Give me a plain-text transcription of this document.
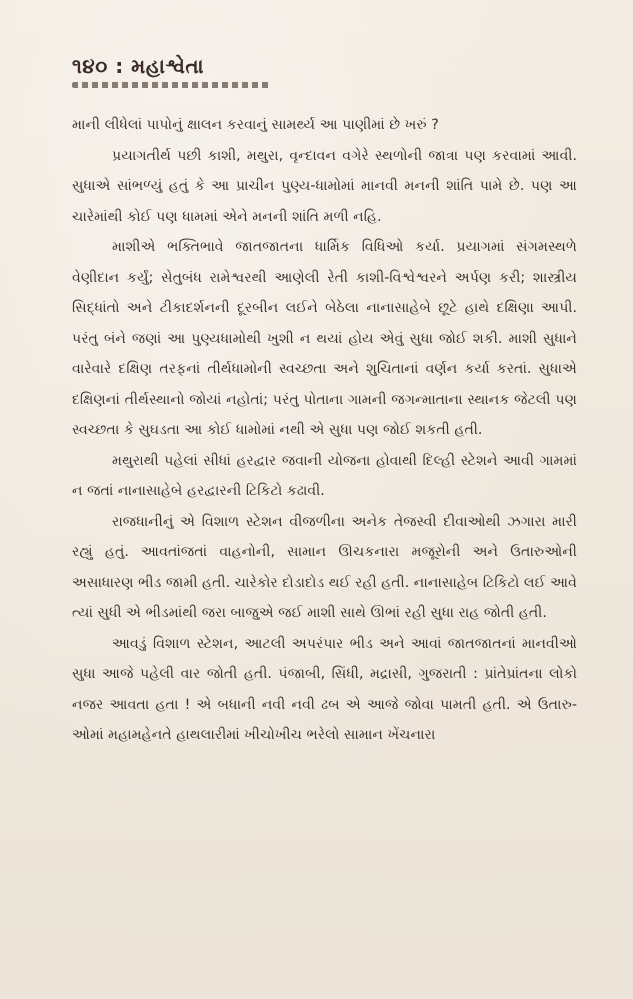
૧૪૦ : મહાશ્વેતા

માની લીધેલાં પાપોનું ક્ષાલન કરવાનું સામર્થ્ય આ પાણીમાં છે ખરું ?

પ્રયાગતીર્થ પછી કાશી, મથુરા, વૃન્દાવન વગેરે સ્થળોની જાત્રા પણ કરવામાં આવી. સુધાએ સાંભળ્યું હતું કે આ પ્રાચીન પુણ્ય-ધામોમાં માનવી મનની શાંતિ પામે છે. પણ આ ચારેમાંથી કોઈ પણ ધામમાં એને મનની શાંતિ મળી નહિ.

માશીએ ભક્તિભાવે જાતજાતના ધાર્મિક વિધિઓ કર્યા. પ્રયાગમાં સંગમસ્થળે વેણીદાન કર્યું; સેતુબંધ રામેશ્વરથી આણેલી રેતી કાશી-વિશ્વેશ્વરને અર્પણ કરી; શાસ્ત્રીય સિદ્ધાંતો અને ટીકાદર્શનની દૂરબીન લઈને બેઠેલા નાનાસાહેબે છૂટે હાથે દક્ષિણા આપી. પરંતુ બંને જણાં આ પુણ્યધામોથી ખુશી ન થયાં હોય એવું સુધા જોઈ શકી. માશી સુધાને વારેવારે દક્ષિણ તરફનાં તીર્થધામોની સ્વચ્છતા અને શુચિતાનાં વર્ણન કર્યા કરતાં. સુધાએ દક્ષિણનાં તીર્થસ્થાનો જોયાં નહોતાં; પરંતુ પોતાના ગામની જગન્માતાના સ્થાનક જેટલી પણ સ્વચ્છતા કે સુઘડતા આ કોઈ ધામોમાં નથી એ સુધા પણ જોઈ શકતી હતી.

મથુરાથી પહેલાં સીધાં હરદ્વાર જવાની યોજના હોવાથી દિલ્હી સ્ટેશને આવી ગામમાં ન જતાં નાનાસાહેબે હરદ્વારની ટિકિટો કઢાવી.

રાજધાનીનું એ વિશાળ સ્ટેશન વીજળીના અનેક તેજસ્વી દીવાઓથી ઝગારા મારી રહ્યું હતું. આવતાંજતાં વાહનોની, સામાન ઊચકનારા મજૂરોની અને ઉતારુઓની અસાધારણ ભીડ જામી હતી. ચારેકોર દોડાદોડ થઈ રહી હતી. નાનાસાહેબ ટિકિટો લઈ આવે ત્યાં સુધી એ ભીડમાંથી જરા બાજુએ જઈ માશી સાથે ઊભાં રહી સુધા રાહ જોતી હતી.

આવડું વિશાળ સ્ટેશન, આટલી અપરંપાર ભીડ અને આવાં જાતજાતનાં માનવીઓ સુધા આજે પહેલી વાર જોતી હતી. પંજાબી, સિંધી, મદ્રાસી, ગુજરાતી : પ્રાંતેપ્રાંતના લોકો નજર આવતા હતા ! એ બધાની નવી નવી ઢબ એ આજે જોવા પામતી હતી. એ ઉતારુ-ઓમાં મહામહેનતે હાથલારીમાં ખીચોખીચ ભરેલો સામાન ખેંચનારા
